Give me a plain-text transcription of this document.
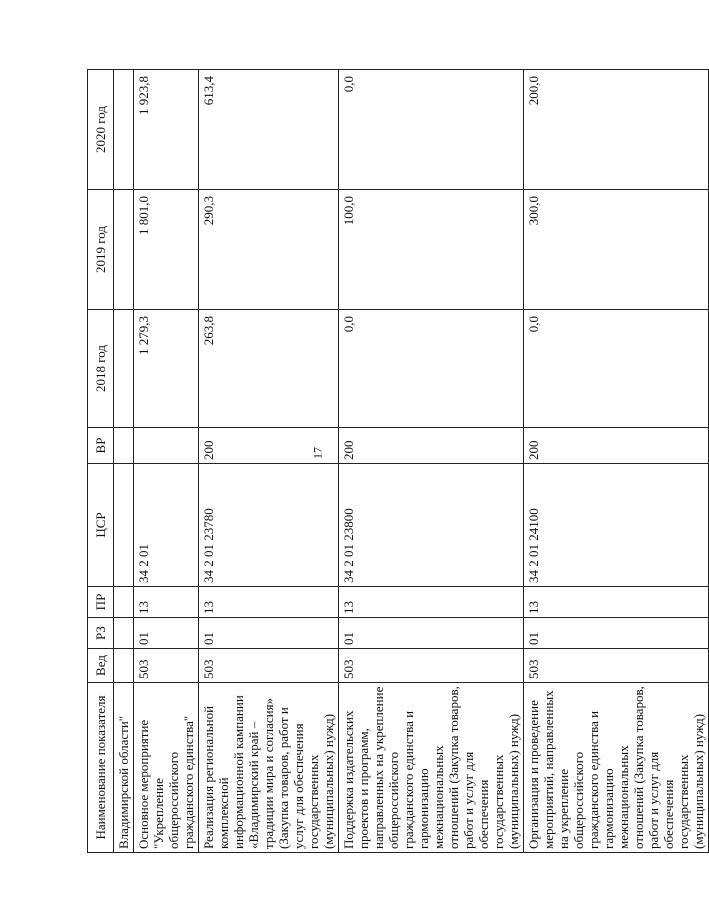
17
Наименование показателя	Вед	РЗ	ПР	ЦСР	ВР	2018 год	2019 год	2020 год
Владимирской области"								
Основное мероприятие "Укрепление общероссийского гражданского единства"	503	01	13	34 2 01		1 279,3	1 801,0	1 923,8
Реализация региональной комплексной информационной кампании «Владимирский край – традиции мира и согласия» (Закупка товаров, работ и услуг для обеспечения государственных (муниципальных) нужд)	503	01	13	34 2 01 23780	200	263,8	290,3	613,4
Поддержка издательских проектов и программ, направленных на укрепление общероссийского гражданского единства и гармонизацию межнациональных отношений (Закупка товаров, работ и услуг для обеспечения государственных (муниципальных) нужд)	503	01	13	34 2 01 23800	200	0,0	100,0	0,0
Организация и проведение мероприятий, направленных на укрепление общероссийского гражданского единства и гармонизацию межнациональных отношений (Закупка товаров, работ и услуг для обеспечения государственных (муниципальных) нужд)	503	01	13	34 2 01 24100	200	0,0	300,0	200,0
